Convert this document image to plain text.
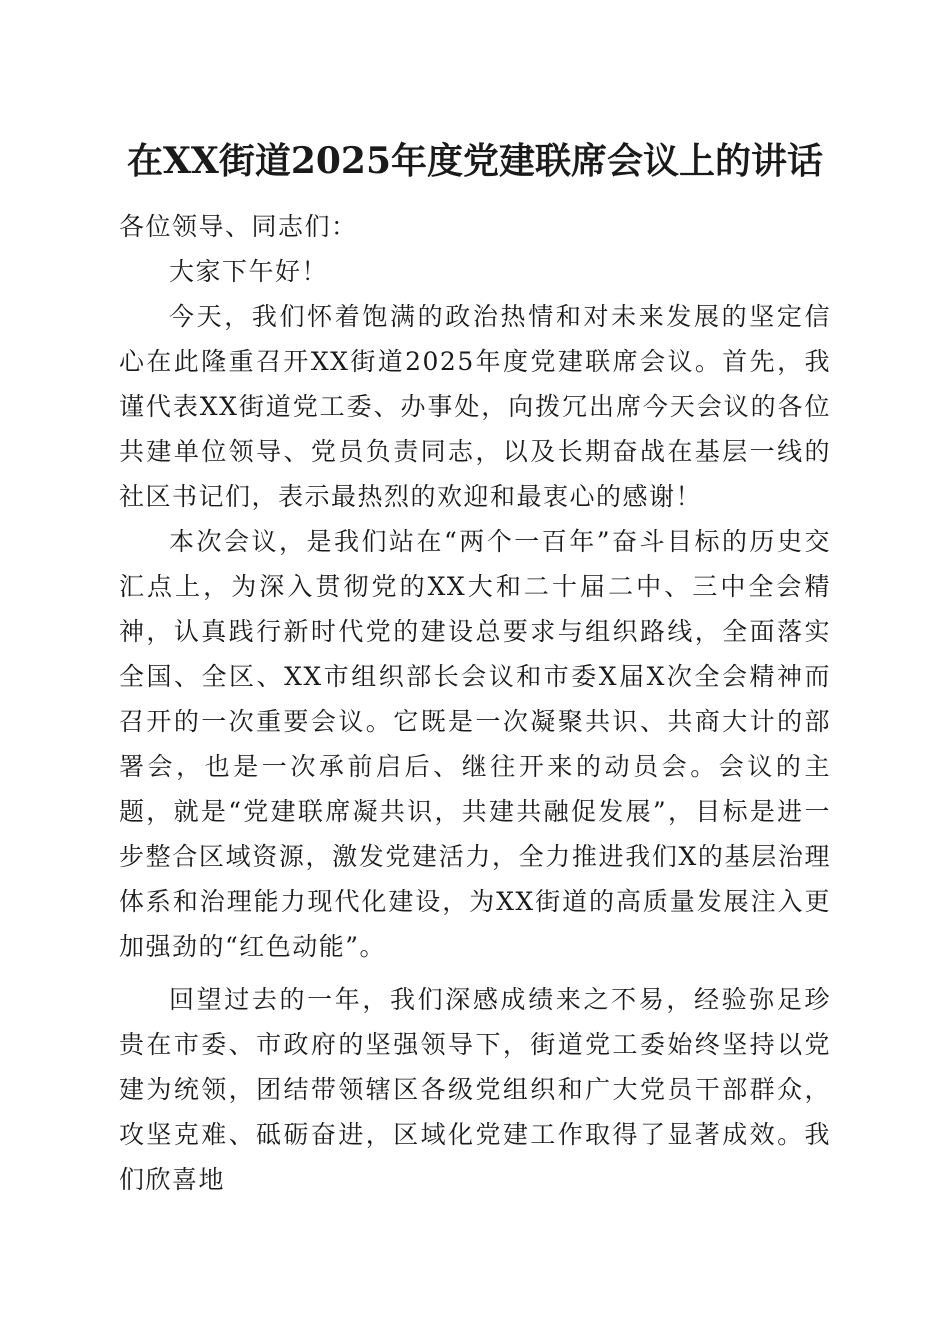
在XX街道2025年度党建联席会议上的讲话

各位领导、同志们：

大家下午好！

今天，我们怀着饱满的政治热情和对未来发展的坚定信心在此隆重召开XX街道2025年度党建联席会议。首先，我谨代表XX街道党工委、办事处，向拨冗出席今天会议的各位共建单位领导、党员负责同志，以及长期奋战在基层一线的社区书记们，表示最热烈的欢迎和最衷心的感谢！

本次会议，是我们站在“两个一百年”奋斗目标的历史交汇点上，为深入贯彻党的XX大和二十届二中、三中全会精神，认真践行新时代党的建设总要求与组织路线，全面落实全国、全区、XX市组织部长会议和市委X届X次全会精神而召开的一次重要会议。它既是一次凝聚共识、共商大计的部署会，也是一次承前启后、继往开来的动员会。会议的主题，就是“党建联席凝共识，共建共融促发展”，目标是进一步整合区域资源，激发党建活力，全力推进我们X的基层治理体系和治理能力现代化建设，为XX街道的高质量发展注入更加强劲的“红色动能”。

回望过去的一年，我们深感成绩来之不易，经验弥足珍贵在市委、市政府的坚强领导下，街道党工委始终坚持以党建为统领，团结带领辖区各级党组织和广大党员干部群众，攻坚克难、砥砺奋进，区域化党建工作取得了显著成效。我们欣喜地
